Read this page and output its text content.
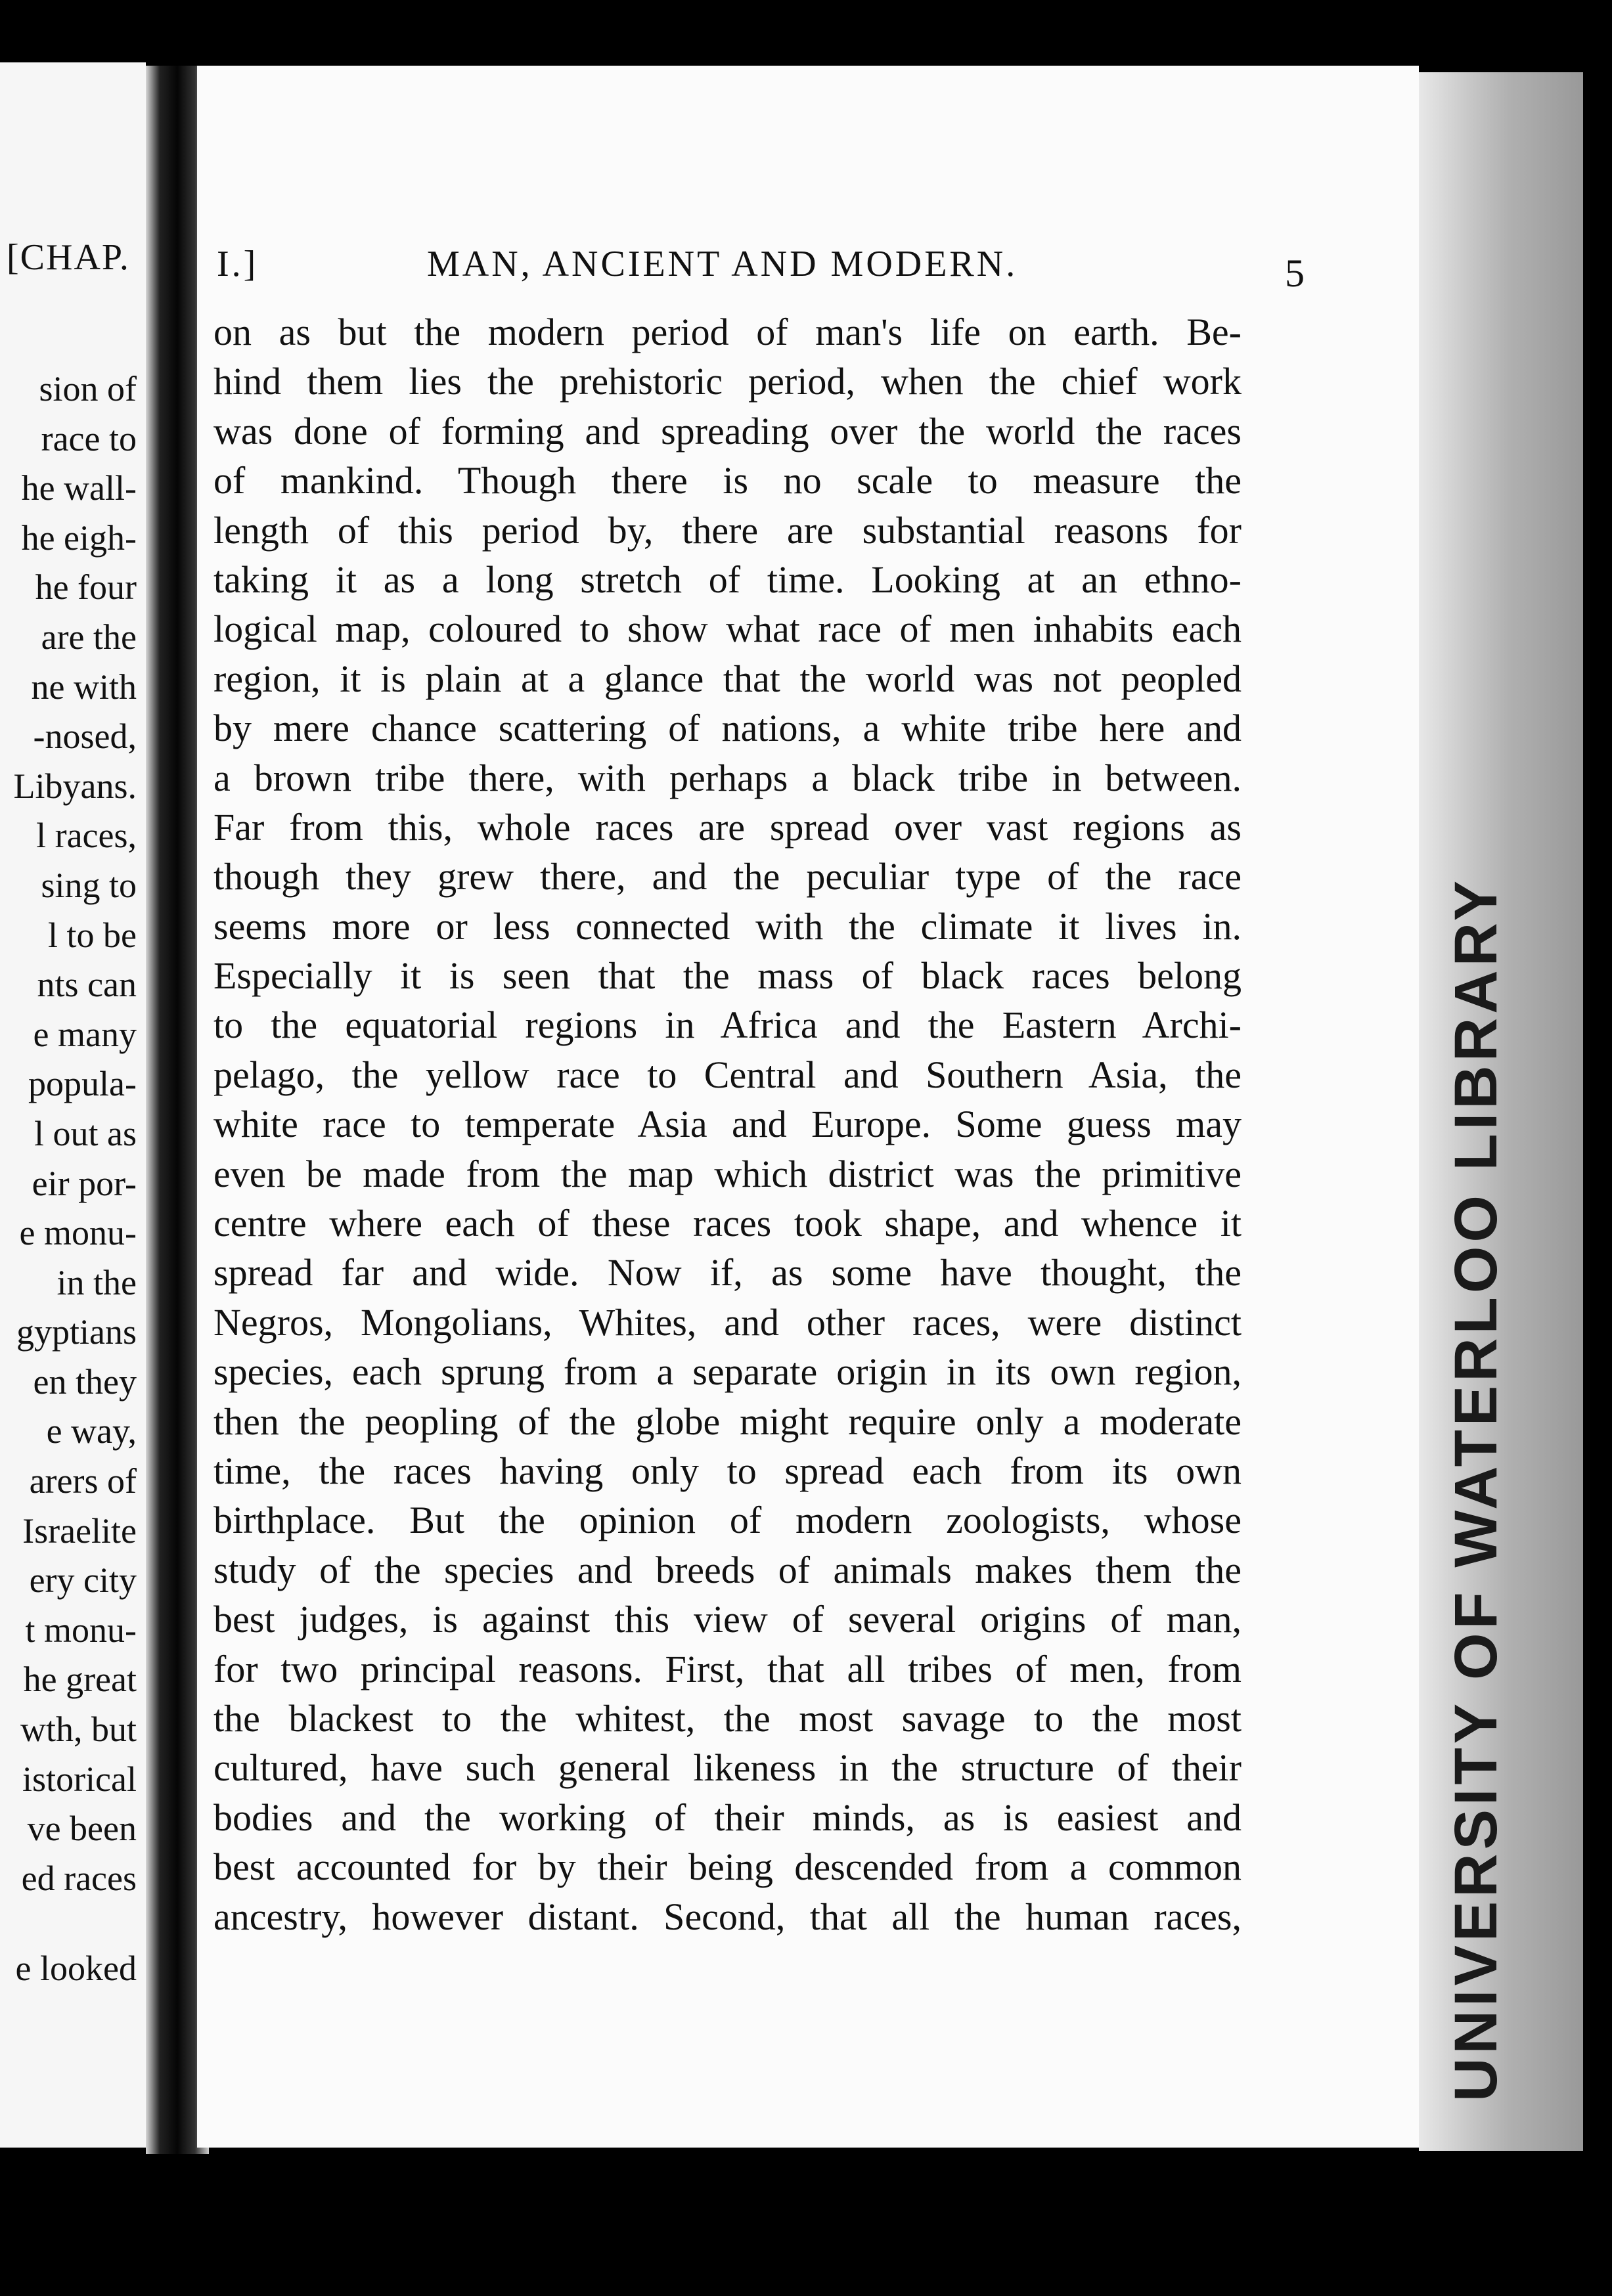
[CHAP.
sion of
race to
he wall-
he eigh-
he four
are the
ne with
-nosed,
Libyans.
l races,
sing to
l to be
nts can
e many
popula-
l out as
eir por-
e monu-
in the
gyptians
en they
e way,
arers of
Israelite
ery city
t monu-
he great
wth, but
istorical
ve been
ed races
e looked
I.]	MAN, ANCIENT AND MODERN.	5
on as but the modern period of man's life on earth. Be-
hind them lies the prehistoric period, when the chief work
was done of forming and spreading over the world the races
of mankind. Though there is no scale to measure the
length of this period by, there are substantial reasons for
taking it as a long stretch of time. Looking at an ethno-
logical map, coloured to show what race of men inhabits each
region, it is plain at a glance that the world was not peopled
by mere chance scattering of nations, a white tribe here and
a brown tribe there, with perhaps a black tribe in between.
Far from this, whole races are spread over vast regions as
though they grew there, and the peculiar type of the race
seems more or less connected with the climate it lives in.
Especially it is seen that the mass of black races belong
to the equatorial regions in Africa and the Eastern Archi-
pelago, the yellow race to Central and Southern Asia, the
white race to temperate Asia and Europe. Some guess may
even be made from the map which district was the primitive
centre where each of these races took shape, and whence it
spread far and wide. Now if, as some have thought, the
Negros, Mongolians, Whites, and other races, were distinct
species, each sprung from a separate origin in its own region,
then the peopling of the globe might require only a moderate
time, the races having only to spread each from its own
birthplace. But the opinion of modern zoologists, whose
study of the species and breeds of animals makes them the
best judges, is against this view of several origins of man,
for two principal reasons. First, that all tribes of men, from
the blackest to the whitest, the most savage to the most
cultured, have such general likeness in the structure of their
bodies and the working of their minds, as is easiest and
best accounted for by their being descended from a common
ancestry, however distant. Second, that all the human races,	UNIVERSITY OF WATERLOO LIBRARY
